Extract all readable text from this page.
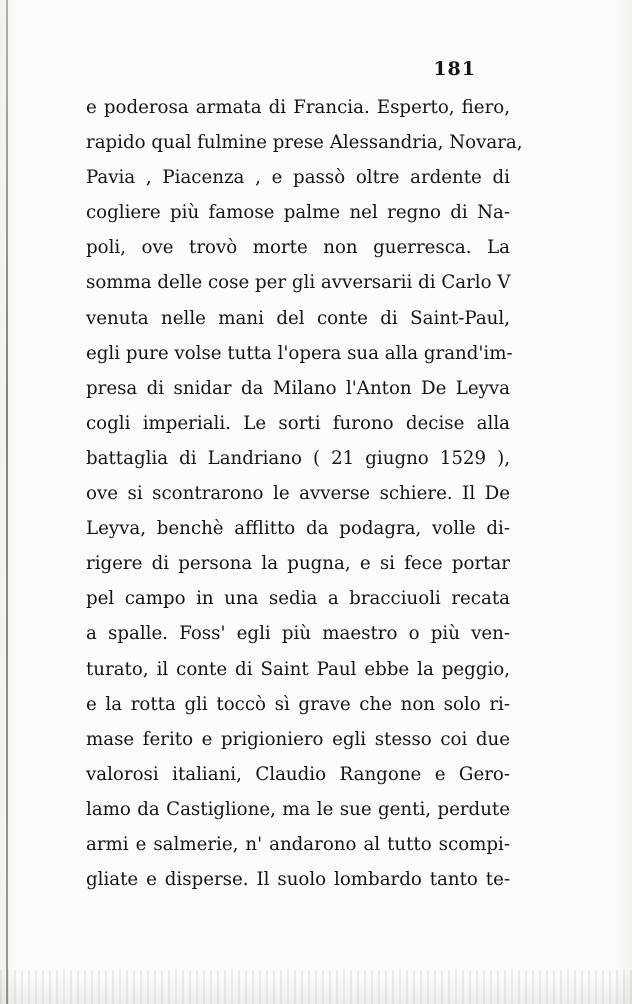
181
e poderosa armata di Francia. Esperto, fiero,
rapido qual fulmine prese Alessandria, Novara,
Pavia , Piacenza , e passò oltre ardente di
cogliere più famose palme nel regno di Na-
poli, ove trovò morte non guerresca. La
somma delle cose per gli avversarii di Carlo V
venuta nelle mani del conte di Saint-Paul,
egli pure volse tutta l'opera sua alla grand'im-
presa di snidar da Milano l'Anton De Leyva
cogli imperiali. Le sorti furono decise alla
battaglia di Landriano ( 21 giugno 1529 ),
ove si scontrarono le avverse schiere. Il De
Leyva, benchè afflitto da podagra, volle di-
rigere di persona la pugna, e si fece portar
pel campo in una sedia a bracciuoli recata
a spalle. Foss' egli più maestro o più ven-
turato, il conte di Saint Paul ebbe la peggio,
e la rotta gli toccò sì grave che non solo ri-
mase ferito e prigioniero egli stesso coi due
valorosi italiani, Claudio Rangone e Gero-
lamo da Castiglione, ma le sue genti, perdute
armi e salmerie, n' andarono al tutto scompi-
gliate e disperse. Il suolo lombardo tanto te-
